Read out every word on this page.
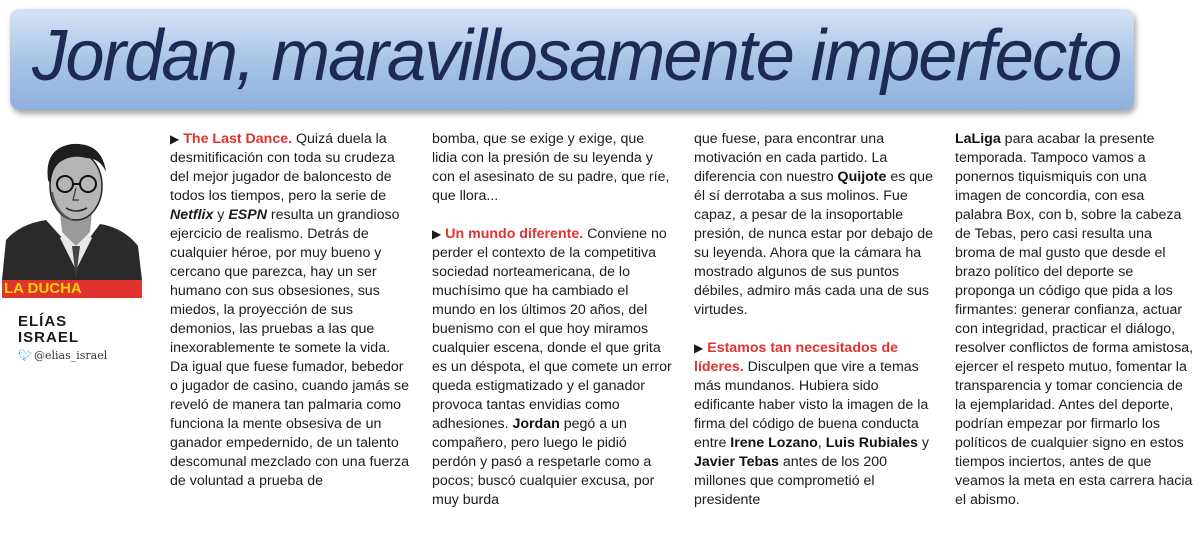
Jordan, maravillosamente imperfecto
LA DUCHA

ELÍAS
ISRAEL

🐦︎ @elias_israel

▶ The Last Dance. Quizá duela la desmitificación con toda su crudeza del mejor jugador de baloncesto de todos los tiempos, pero la serie de Netflix y ESPN resulta un grandioso ejercicio de realismo. Detrás de cualquier héroe, por muy bueno y cercano que parezca, hay un ser humano con sus obsesiones, sus miedos, la proyección de sus demonios, las pruebas a las que inexorablemente te somete la vida. Da igual que fuese fumador, bebedor o jugador de casino, cuando jamás se reveló de manera tan palmaria como funciona la mente obsesiva de un ganador empedernido, de un talento descomunal mezclado con una fuerza de voluntad a prueba de

bomba, que se exige y exige, que lidia con la presión de su leyenda y con el asesinato de su padre, que ríe, que llora...

▶ Un mundo diferente. Conviene no perder el contexto de la competitiva sociedad norteamericana, de lo muchísimo que ha cambiado el mundo en los últimos 20 años, del buenismo con el que hoy miramos cualquier escena, donde el que grita es un déspota, el que comete un error queda estigmatizado y el ganador provoca tantas envidias como adhesiones. Jordan pegó a un compañero, pero luego le pidió perdón y pasó a respetarle como a pocos; buscó cualquier excusa, por muy burda

que fuese, para encontrar una motivación en cada partido. La diferencia con nuestro Quijote es que él sí derrotaba a sus molinos. Fue capaz, a pesar de la insoportable presión, de nunca estar por debajo de su leyenda. Ahora que la cámara ha mostrado algunos de sus puntos débiles, admiro más cada una de sus virtudes.

▶ Estamos tan necesitados de líderes. Disculpen que vire a temas más mundanos. Hubiera sido edificante haber visto la imagen de la firma del código de buena conducta entre Irene Lozano, Luis Rubiales y Javier Tebas antes de los 200 millones que comprometió el presidente

LaLiga para acabar la presente temporada. Tampoco vamos a ponernos tiquismiquis con una imagen de concordia, con esa palabra Box, con b, sobre la cabeza de Tebas, pero casi resulta una broma de mal gusto que desde el brazo político del deporte se proponga un código que pida a los firmantes: generar confianza, actuar con integridad, practicar el diálogo, resolver conflictos de forma amistosa, ejercer el respeto mutuo, fomentar la transparencia y tomar conciencia de la ejemplaridad. Antes del deporte, podrían empezar por firmarlo los políticos de cualquier signo en estos tiempos inciertos, antes de que veamos la meta en esta carrera hacia el abismo.
